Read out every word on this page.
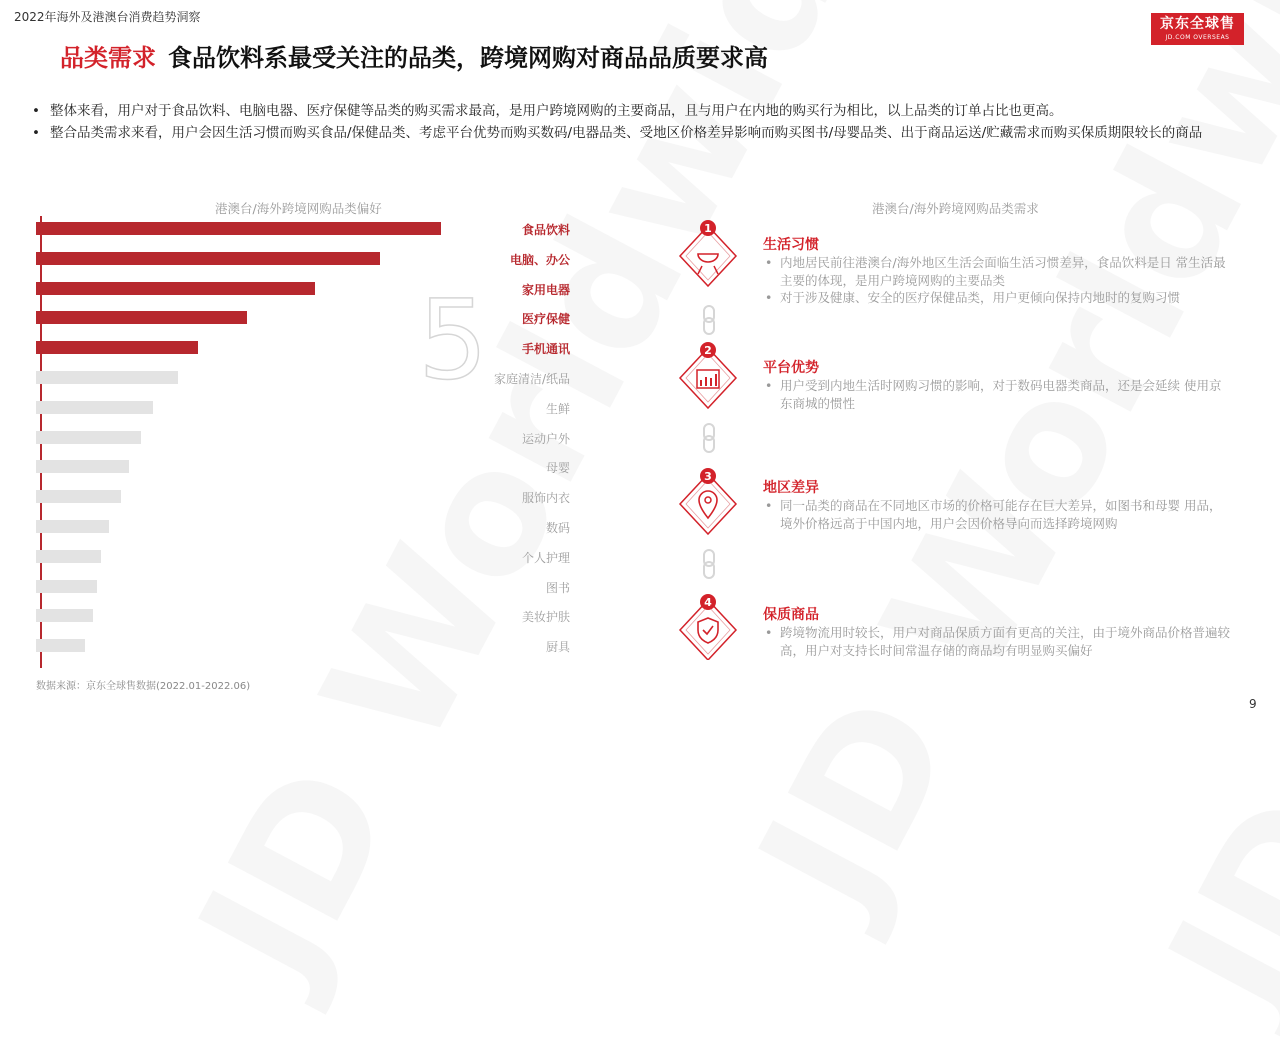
2022年海外及港澳台消费趋势洞察	京东全球售
JD.COM OVERSEAS
品类需求 食品饮料系最受关注的品类，跨境网购对商品品质要求高
• 整体来看，用户对于食品饮料、电脑电器、医疗保健等品类的购买需求最高，是用户跨境网购的主要商品，且与用户在内地的购买行为相比，以上品类的订单占比也更高。
• 整合品类需求来看，用户会因生活习惯而购买食品/保健品类、考虑平台优势而购买数码/电器品类、受地区价格差异影响而购买图书/母婴品类、出于商品运送/贮藏需求而购买保质期限较长的商品
港澳台/海外跨境网购品类偏好	港澳台/海外跨境网购品类需求
5
食品饮料
电脑、办公
家用电器
医疗保健
手机通讯
家庭清洁/纸品
生鲜
运动户外
母婴
服饰内衣
数码
个人护理
图书
美妆护肤
厨具
1
2
3
4
生活习惯
• 内地居民前往港澳台/海外地区生活会面临生活习惯差异，食品饮料是日 常生活最主要的体现，是用户跨境网购的主要品类
• 对于涉及健康、安全的医疗保健品类，用户更倾向保持内地时的复购习惯
平台优势
• 用户受到内地生活时网购习惯的影响，对于数码电器类商品，还是会延续 使用京东商城的惯性
地区差异
• 同一品类的商品在不同地区市场的价格可能存在巨大差异，如图书和母婴 用品，境外价格远高于中国内地，用户会因价格导向而选择跨境网购
保质商品
• 跨境物流用时较长，用户对商品保质方面有更高的关注，由于境外商品价格普遍较高，用户对支持长时间常温存储的商品均有明显购买偏好
数据来源：京东全球售数据(2022.01-2022.06)
9
